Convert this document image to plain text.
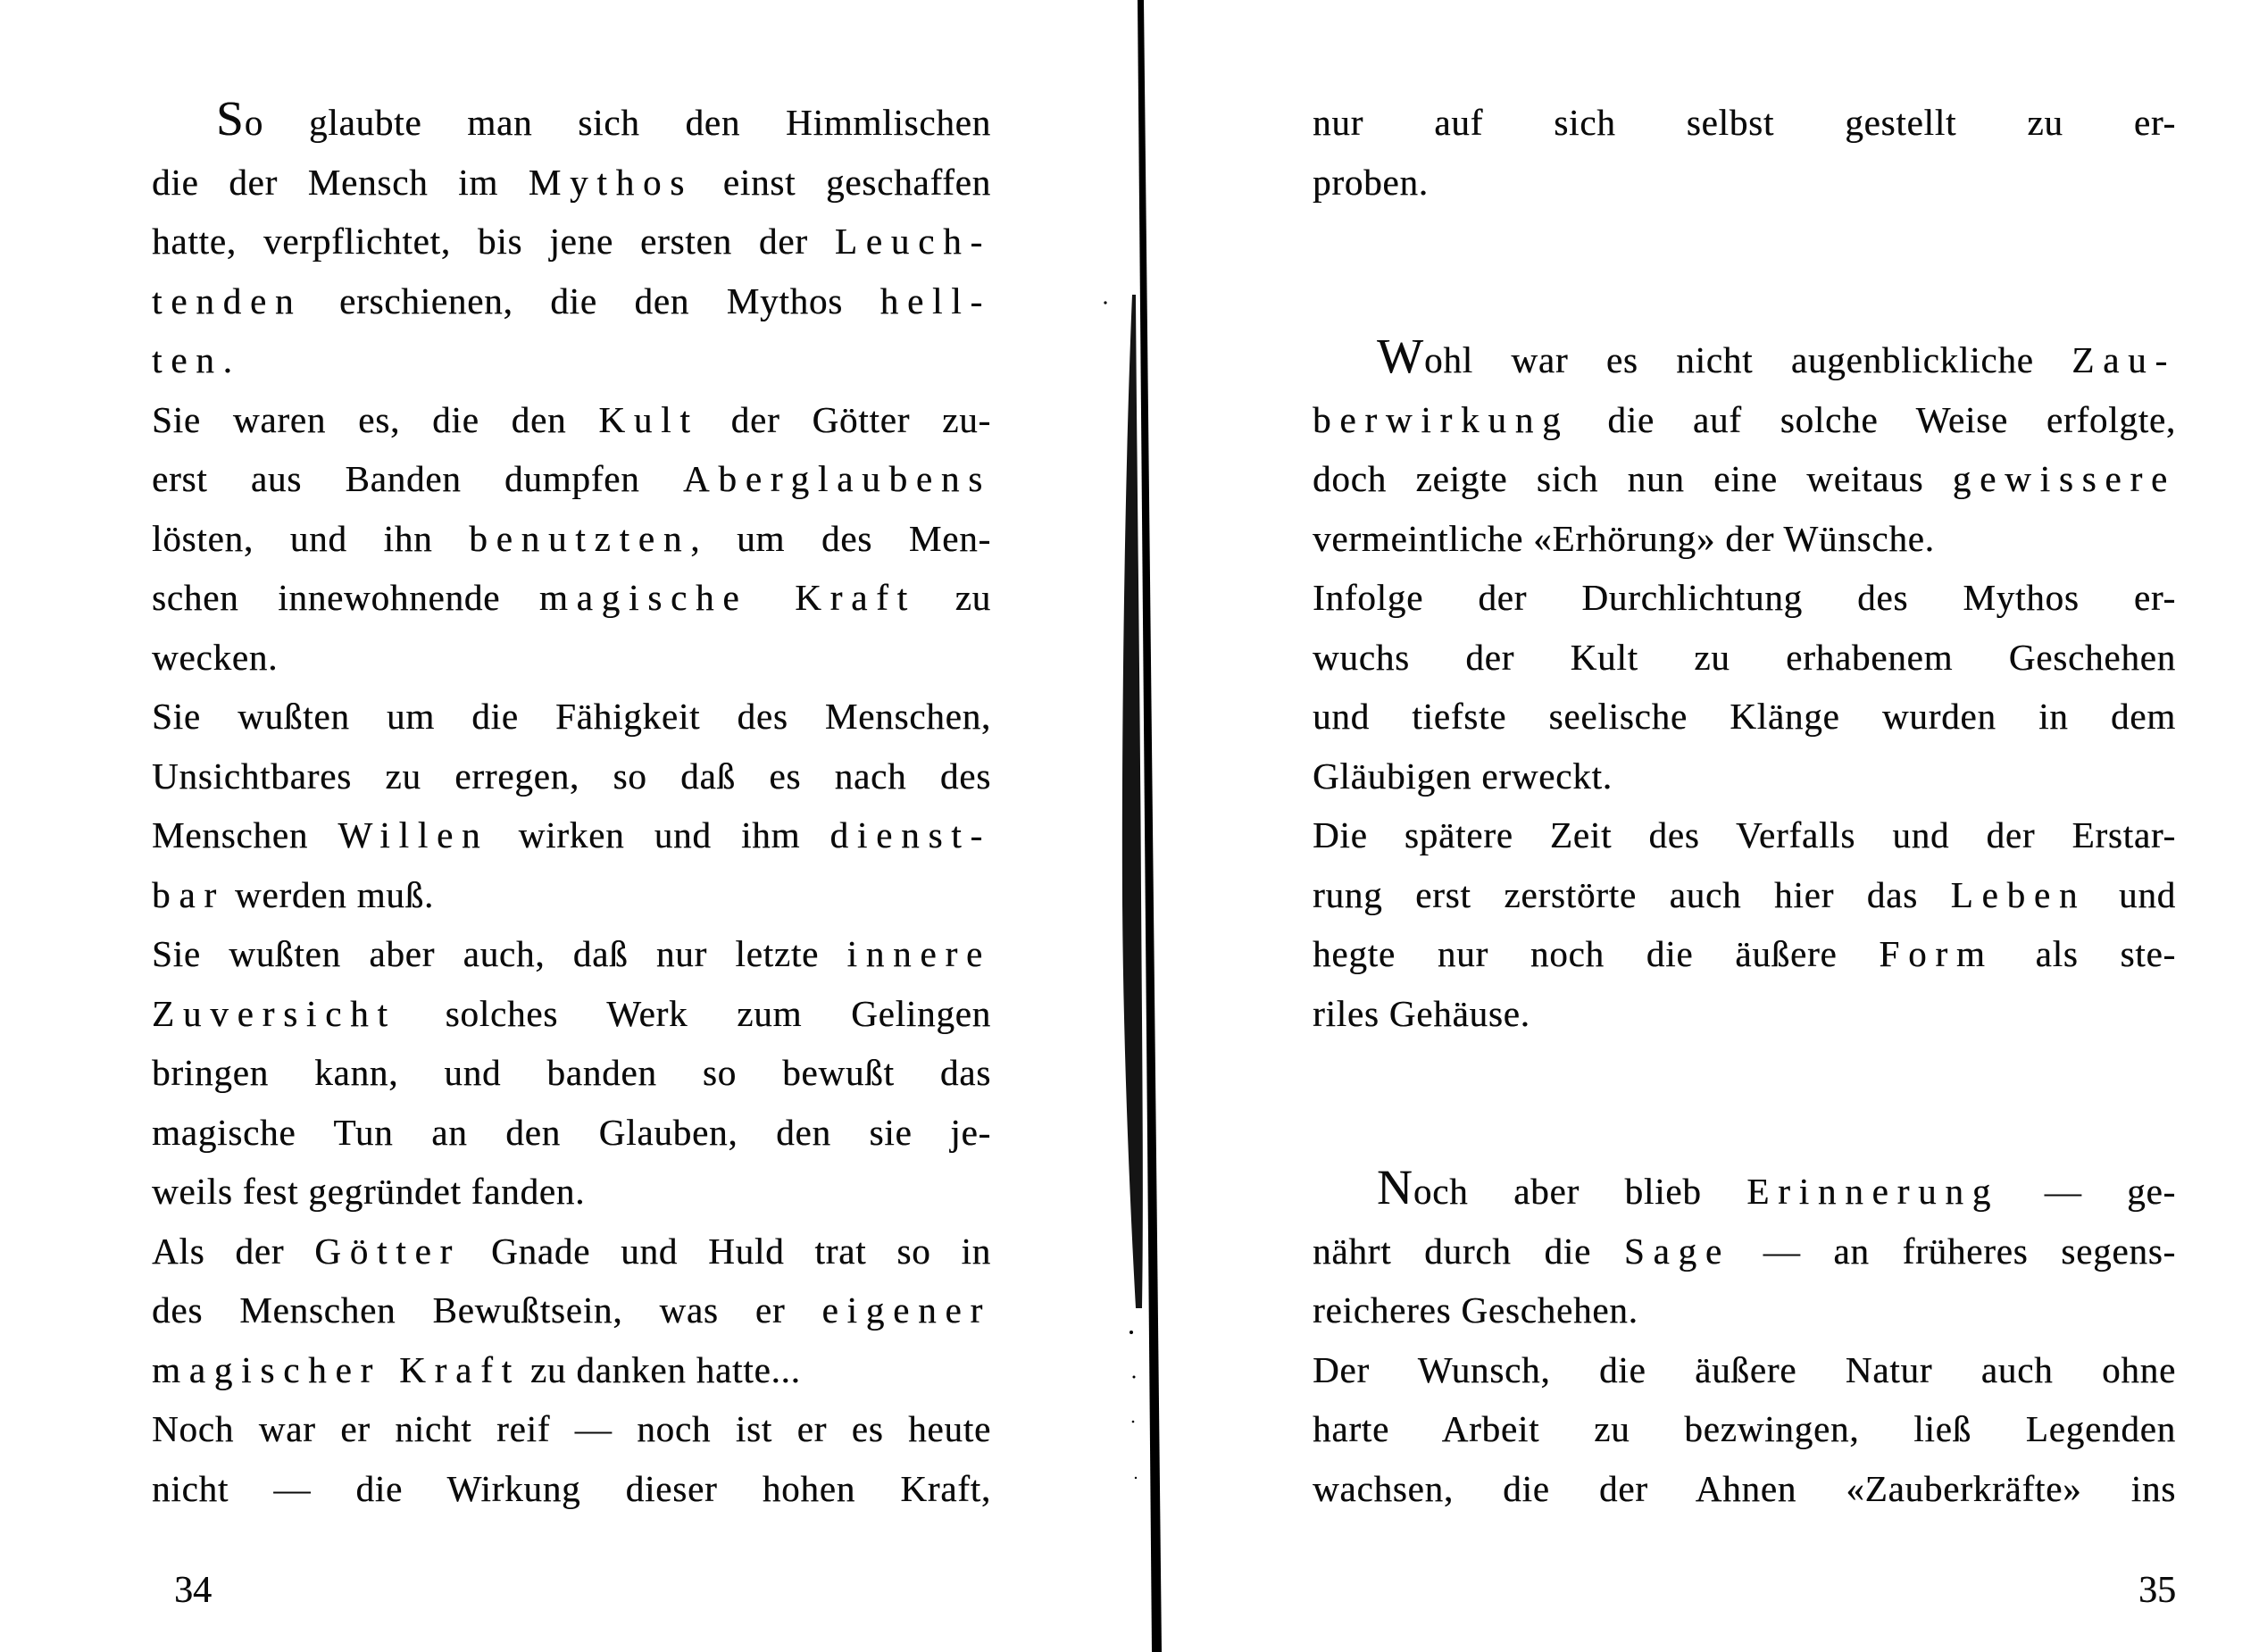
So glaubte man sich den Himmlischen
die der Mensch im Mythos einst geschaffen
hatte, verpflichtet, bis jene ersten der Leuch-
tenden erschienen, die den Mythos hell-
ten.
Sie waren es, die den Kult der Götter zu-
erst aus Banden dumpfen Aberglaubens
lösten, und ihn benutzten, um des Men-
schen innewohnende magische Kraft zu
wecken.
Sie wußten um die Fähigkeit des Menschen,
Unsichtbares zu erregen, so daß es nach des
Menschen Willen wirken und ihm dienst-
bar werden muß.
Sie wußten aber auch, daß nur letzte innere
Zuversicht solches Werk zum Gelingen
bringen kann, und banden so bewußt das
magische Tun an den Glauben, den sie je-
weils fest gegründet fanden.
Als der Götter Gnade und Huld trat so in
des Menschen Bewußtsein, was er eigener
magischer Kraft zu danken hatte...
Noch war er nicht reif — noch ist er es heute
nicht — die Wirkung dieser hohen Kraft,
nur auf sich selbst gestellt zu er-
proben.
Wohl war es nicht augenblickliche Zau-
berwirkung die auf solche Weise erfolgte,
doch zeigte sich nun eine weitaus gewissere
vermeintliche «Erhörung» der Wünsche.
Infolge der Durchlichtung des Mythos er-
wuchs der Kult zu erhabenem Geschehen
und tiefste seelische Klänge wurden in dem
Gläubigen erweckt.
Die spätere Zeit des Verfalls und der Erstar-
rung erst zerstörte auch hier das Leben und
hegte nur noch die äußere Form als ste-
riles Gehäuse.
Noch aber blieb Erinnerung — ge-
nährt durch die Sage — an früheres segens-
reicheres Geschehen.
Der Wunsch, die äußere Natur auch ohne
harte Arbeit zu bezwingen, ließ Legenden
wachsen, die der Ahnen «Zauberkräfte» ins
34	35
